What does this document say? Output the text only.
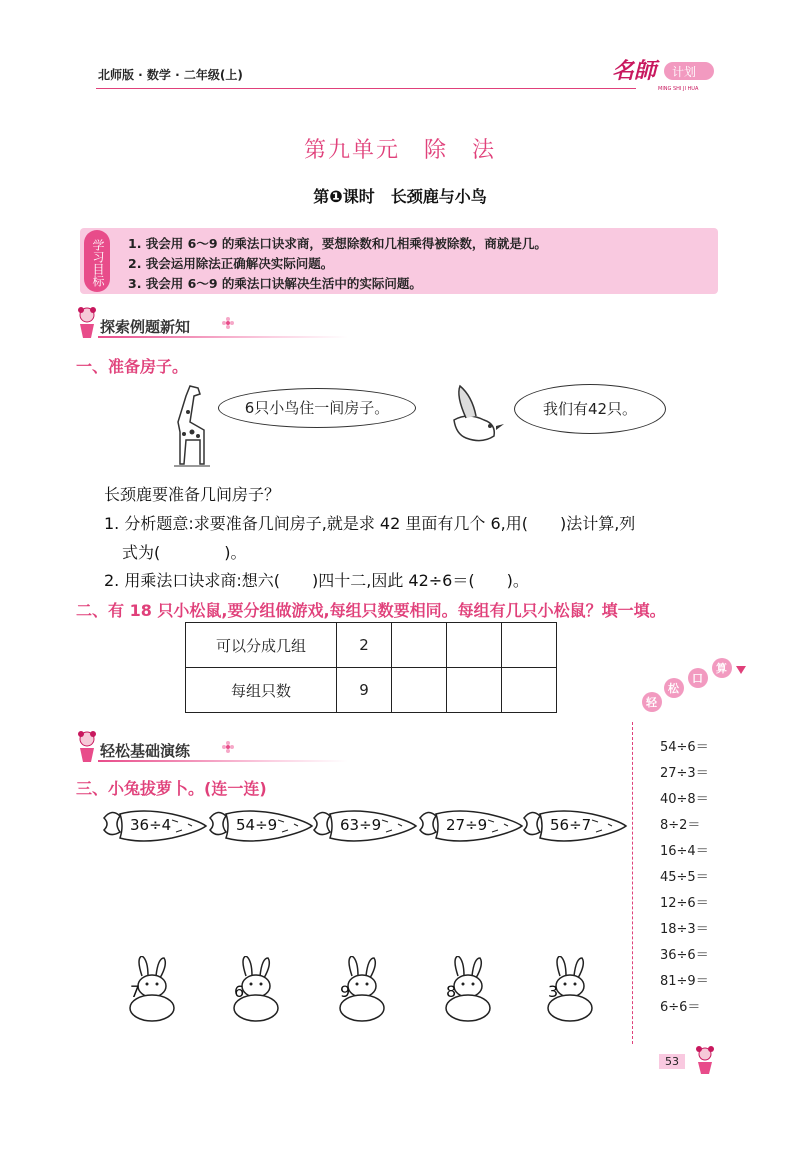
北师版 · 数学 · 二年级(上)	名師	计划
MING SHI JI HUA
第九单元　除　法
第❶课时　长颈鹿与小鸟
学习目标	1. 我会用 6～9 的乘法口诀求商，要想除数和几相乘得被除数，商就是几。
2. 我会运用除法正确解决实际问题。
3. 我会用 6～9 的乘法口诀解决生活中的实际问题。
探索例题新知
一、准备房子。
6只小鸟住一间房子。	我们有42只。
长颈鹿要准备几间房子？
1. 分析题意:求要准备几间房子,就是求 42 里面有几个 6,用(　　)法计算,列
式为(　　　　)。
2. 用乘法口诀求商:想六(　　)四十二,因此 42÷6＝(　　)。
二、有 18 只小松鼠,要分组做游戏,每组只数要相同。每组有几只小松鼠？填一填。
可以分成几组	2			
每组只数	9			
轻松基础演练
三、小兔拔萝卜。(连一连)
36÷4	54÷9	63÷9	27÷9	56÷7
7	6	9	8	3
轻
松
口
算
54÷6＝
27÷3＝
40÷8＝
8÷2＝
16÷4＝
45÷5＝
12÷6＝
18÷3＝
36÷6＝
81÷9＝
6÷6＝
53
